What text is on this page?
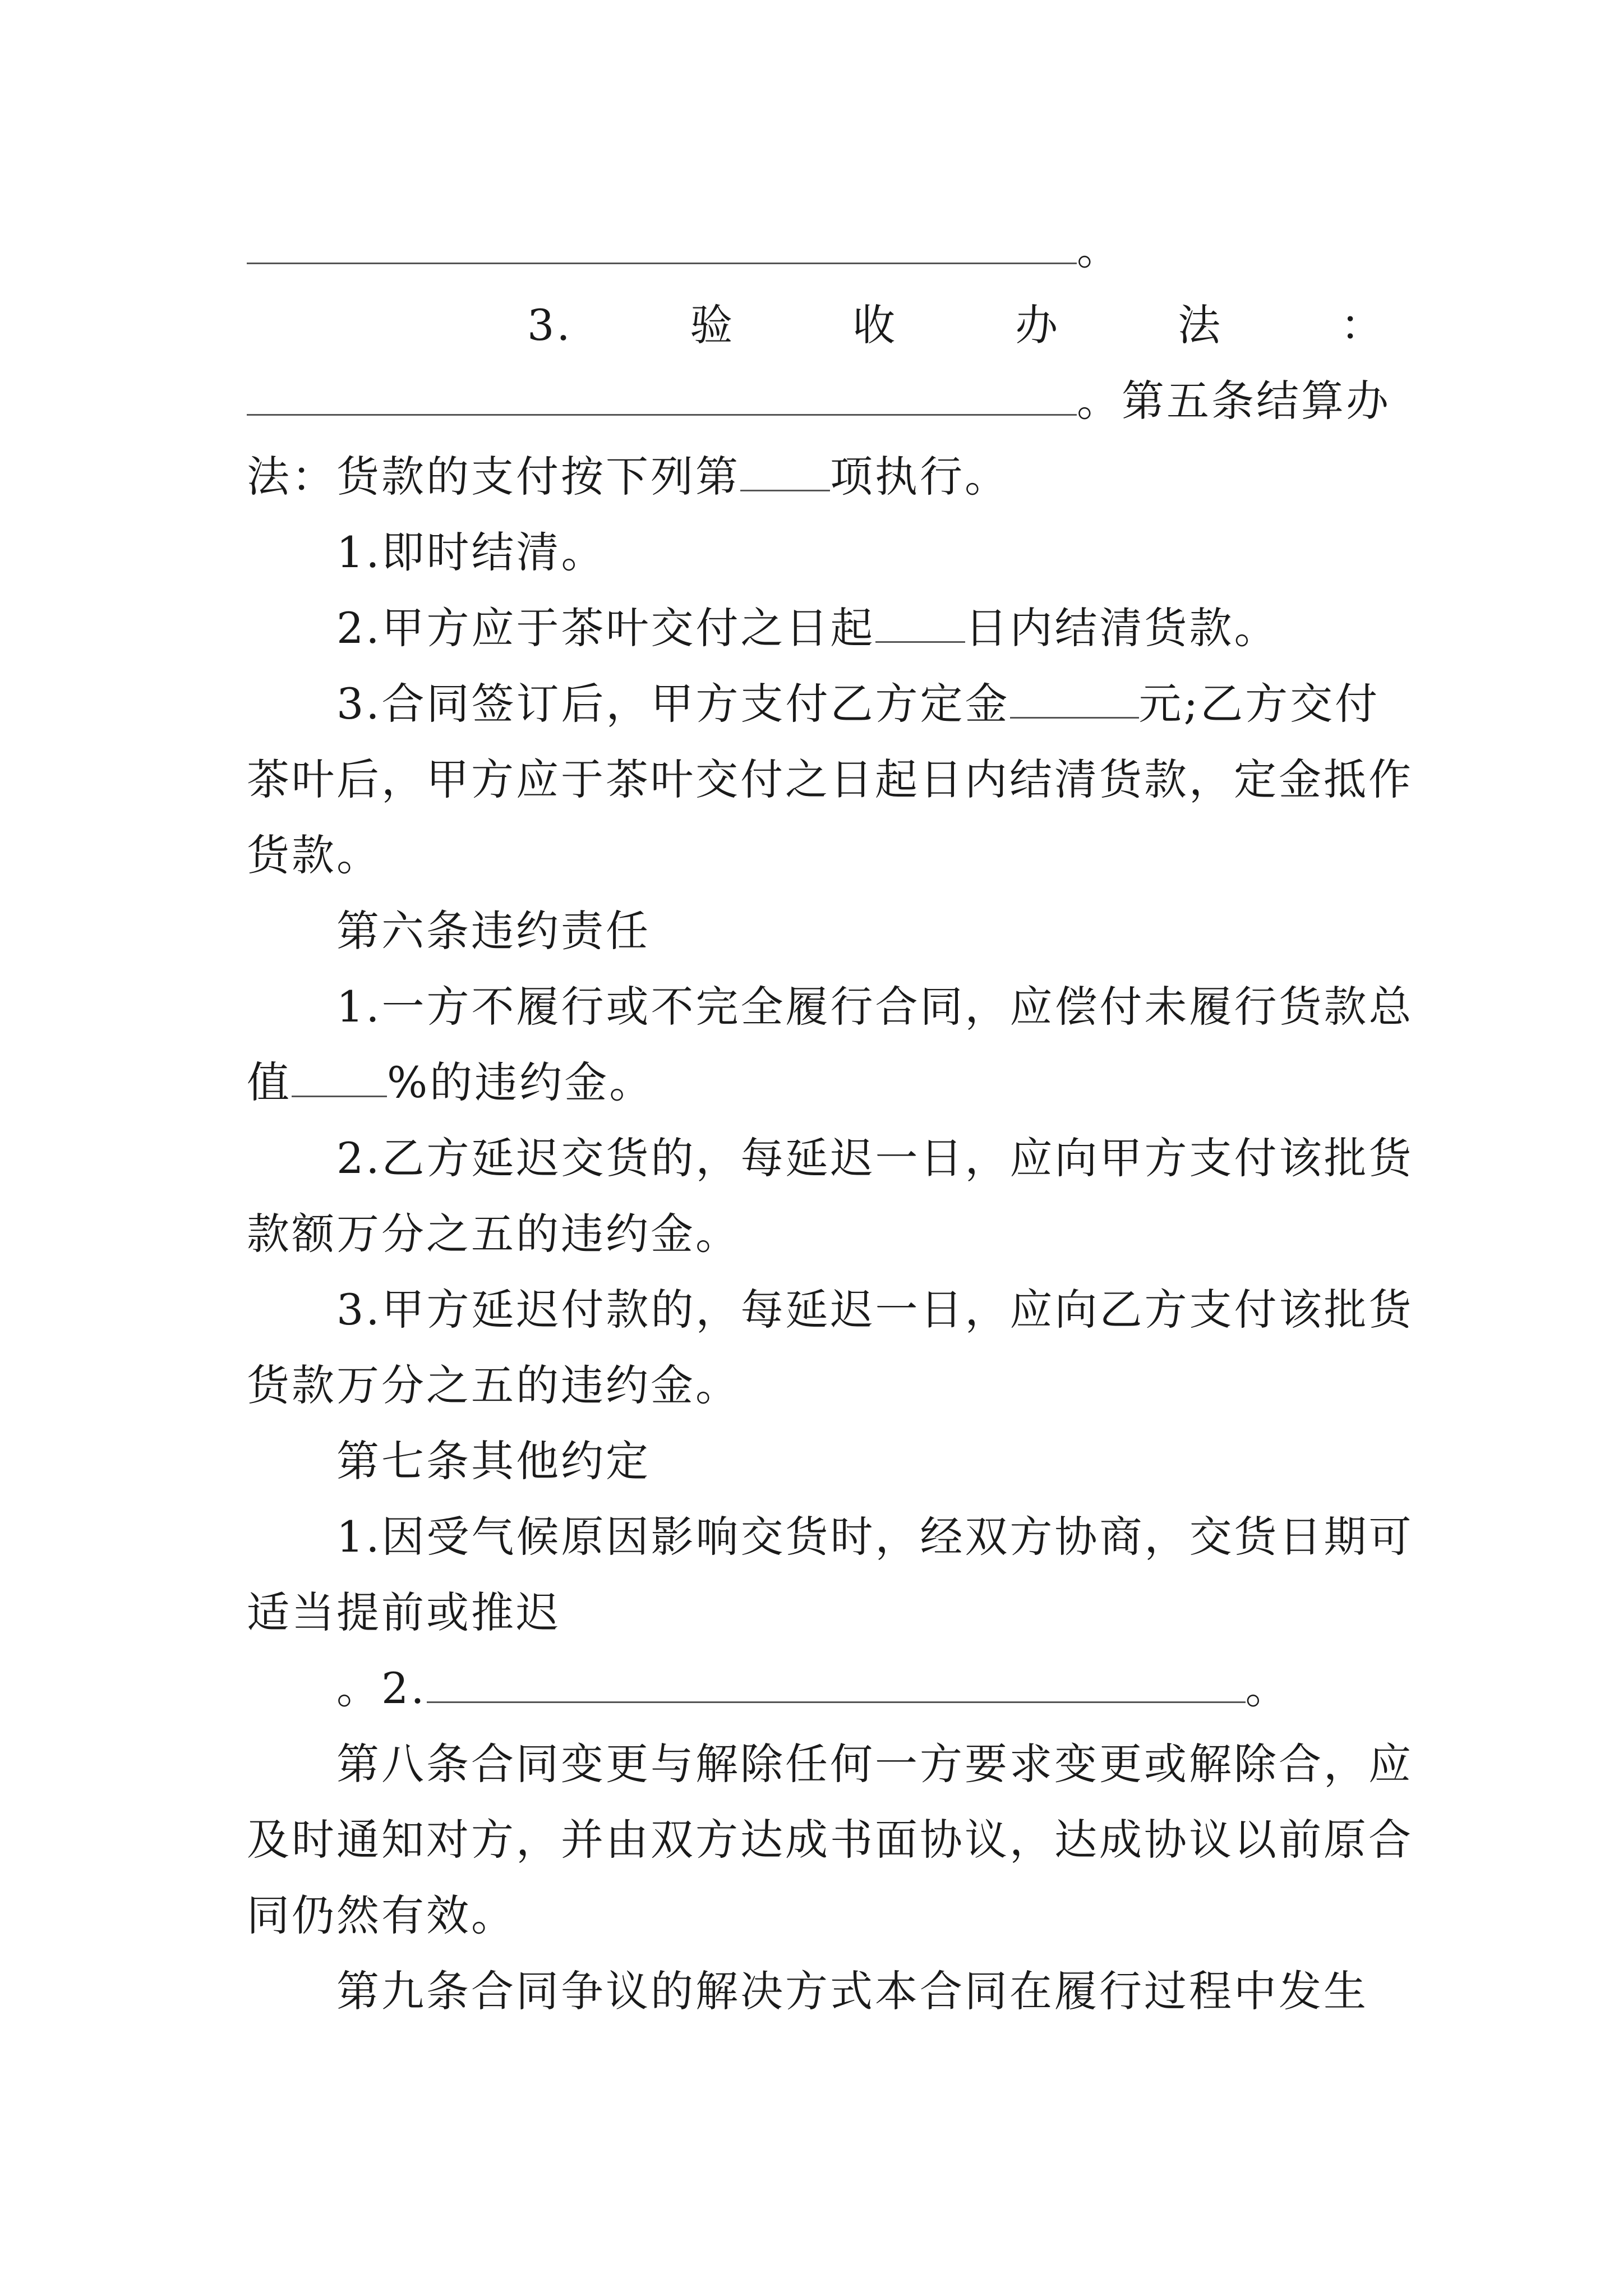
。
3.	验	收	办	法	：
。第五条结算办
法：货款的支付按下列第 项执行。
1.即时结清。
2.甲方应于茶叶交付之日起 日内结清货款。
3.合同签订后，甲方支付乙方定金	元;乙方交付
茶叶后，甲方应于茶叶交付之日起日内结清货款，定金抵作
货款。
第六条违约责任
1.一方不履行或不完全履行合同，应偿付未履行货款总
值 %的违约金。
2.乙方延迟交货的，每延迟一日，应向甲方支付该批货
款额万分之五的违约金。
3.甲方延迟付款的，每延迟一日，应向乙方支付该批货
货款万分之五的违约金。
第七条其他约定
1.因受气候原因影响交货时，经双方协商，交货日期可
适当提前或推迟
。2.	。
第八条合同变更与解除任何一方要求变更或解除合，应
及时通知对方，并由双方达成书面协议，达成协议以前原合
同仍然有效。
第九条合同争议的解决方式本合同在履行过程中发生
